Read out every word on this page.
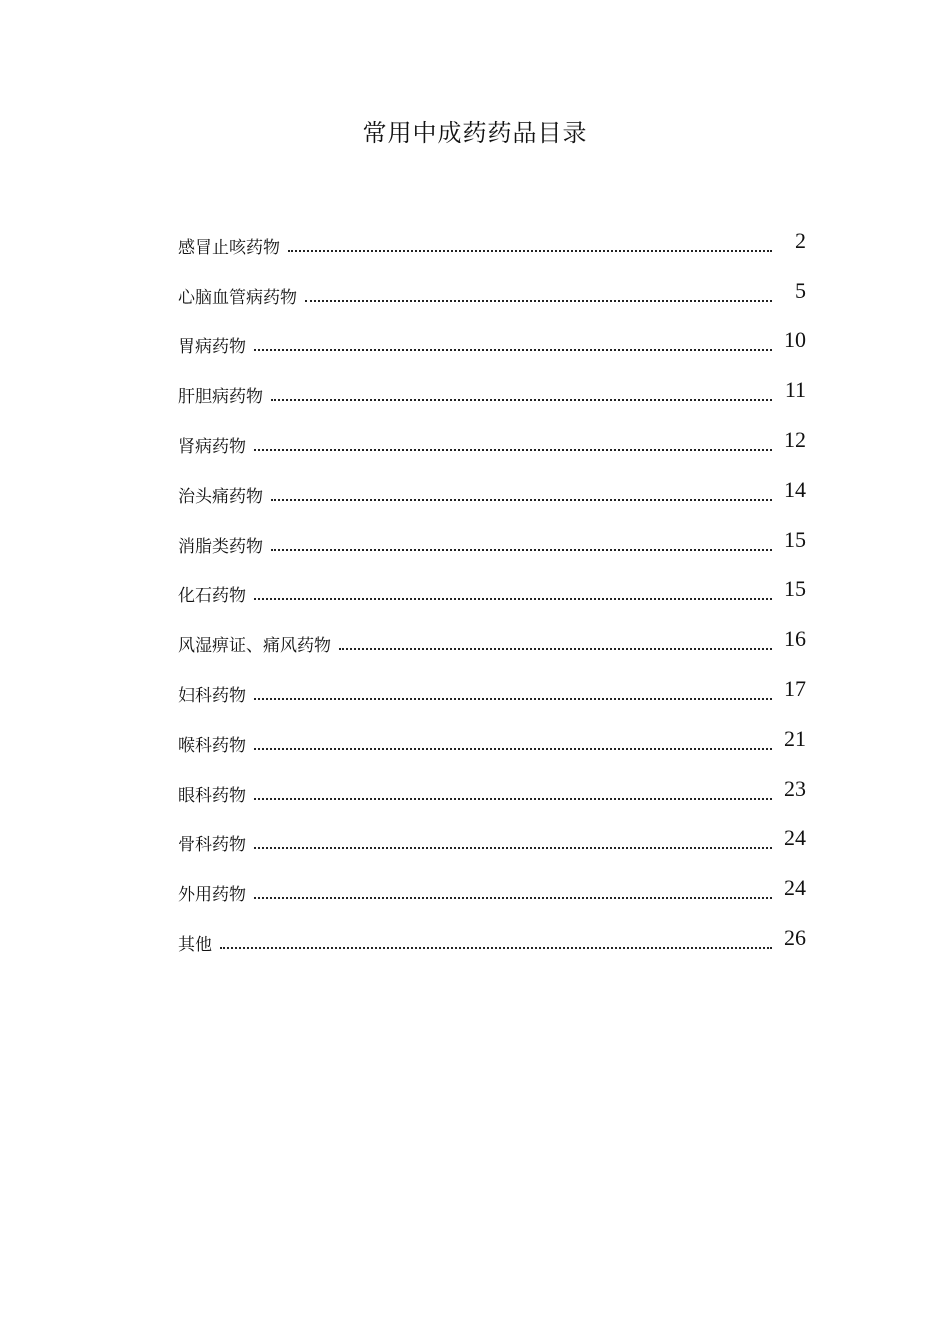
常用中成药药品目录
感冒止咳药物	2
心脑血管病药物	5
胃病药物	10
肝胆病药物	11
肾病药物	12
治头痛药物	14
消脂类药物	15
化石药物	15
风湿痹证、痛风药物	16
妇科药物	17
喉科药物	21
眼科药物	23
骨科药物	24
外用药物	24
其他	26
